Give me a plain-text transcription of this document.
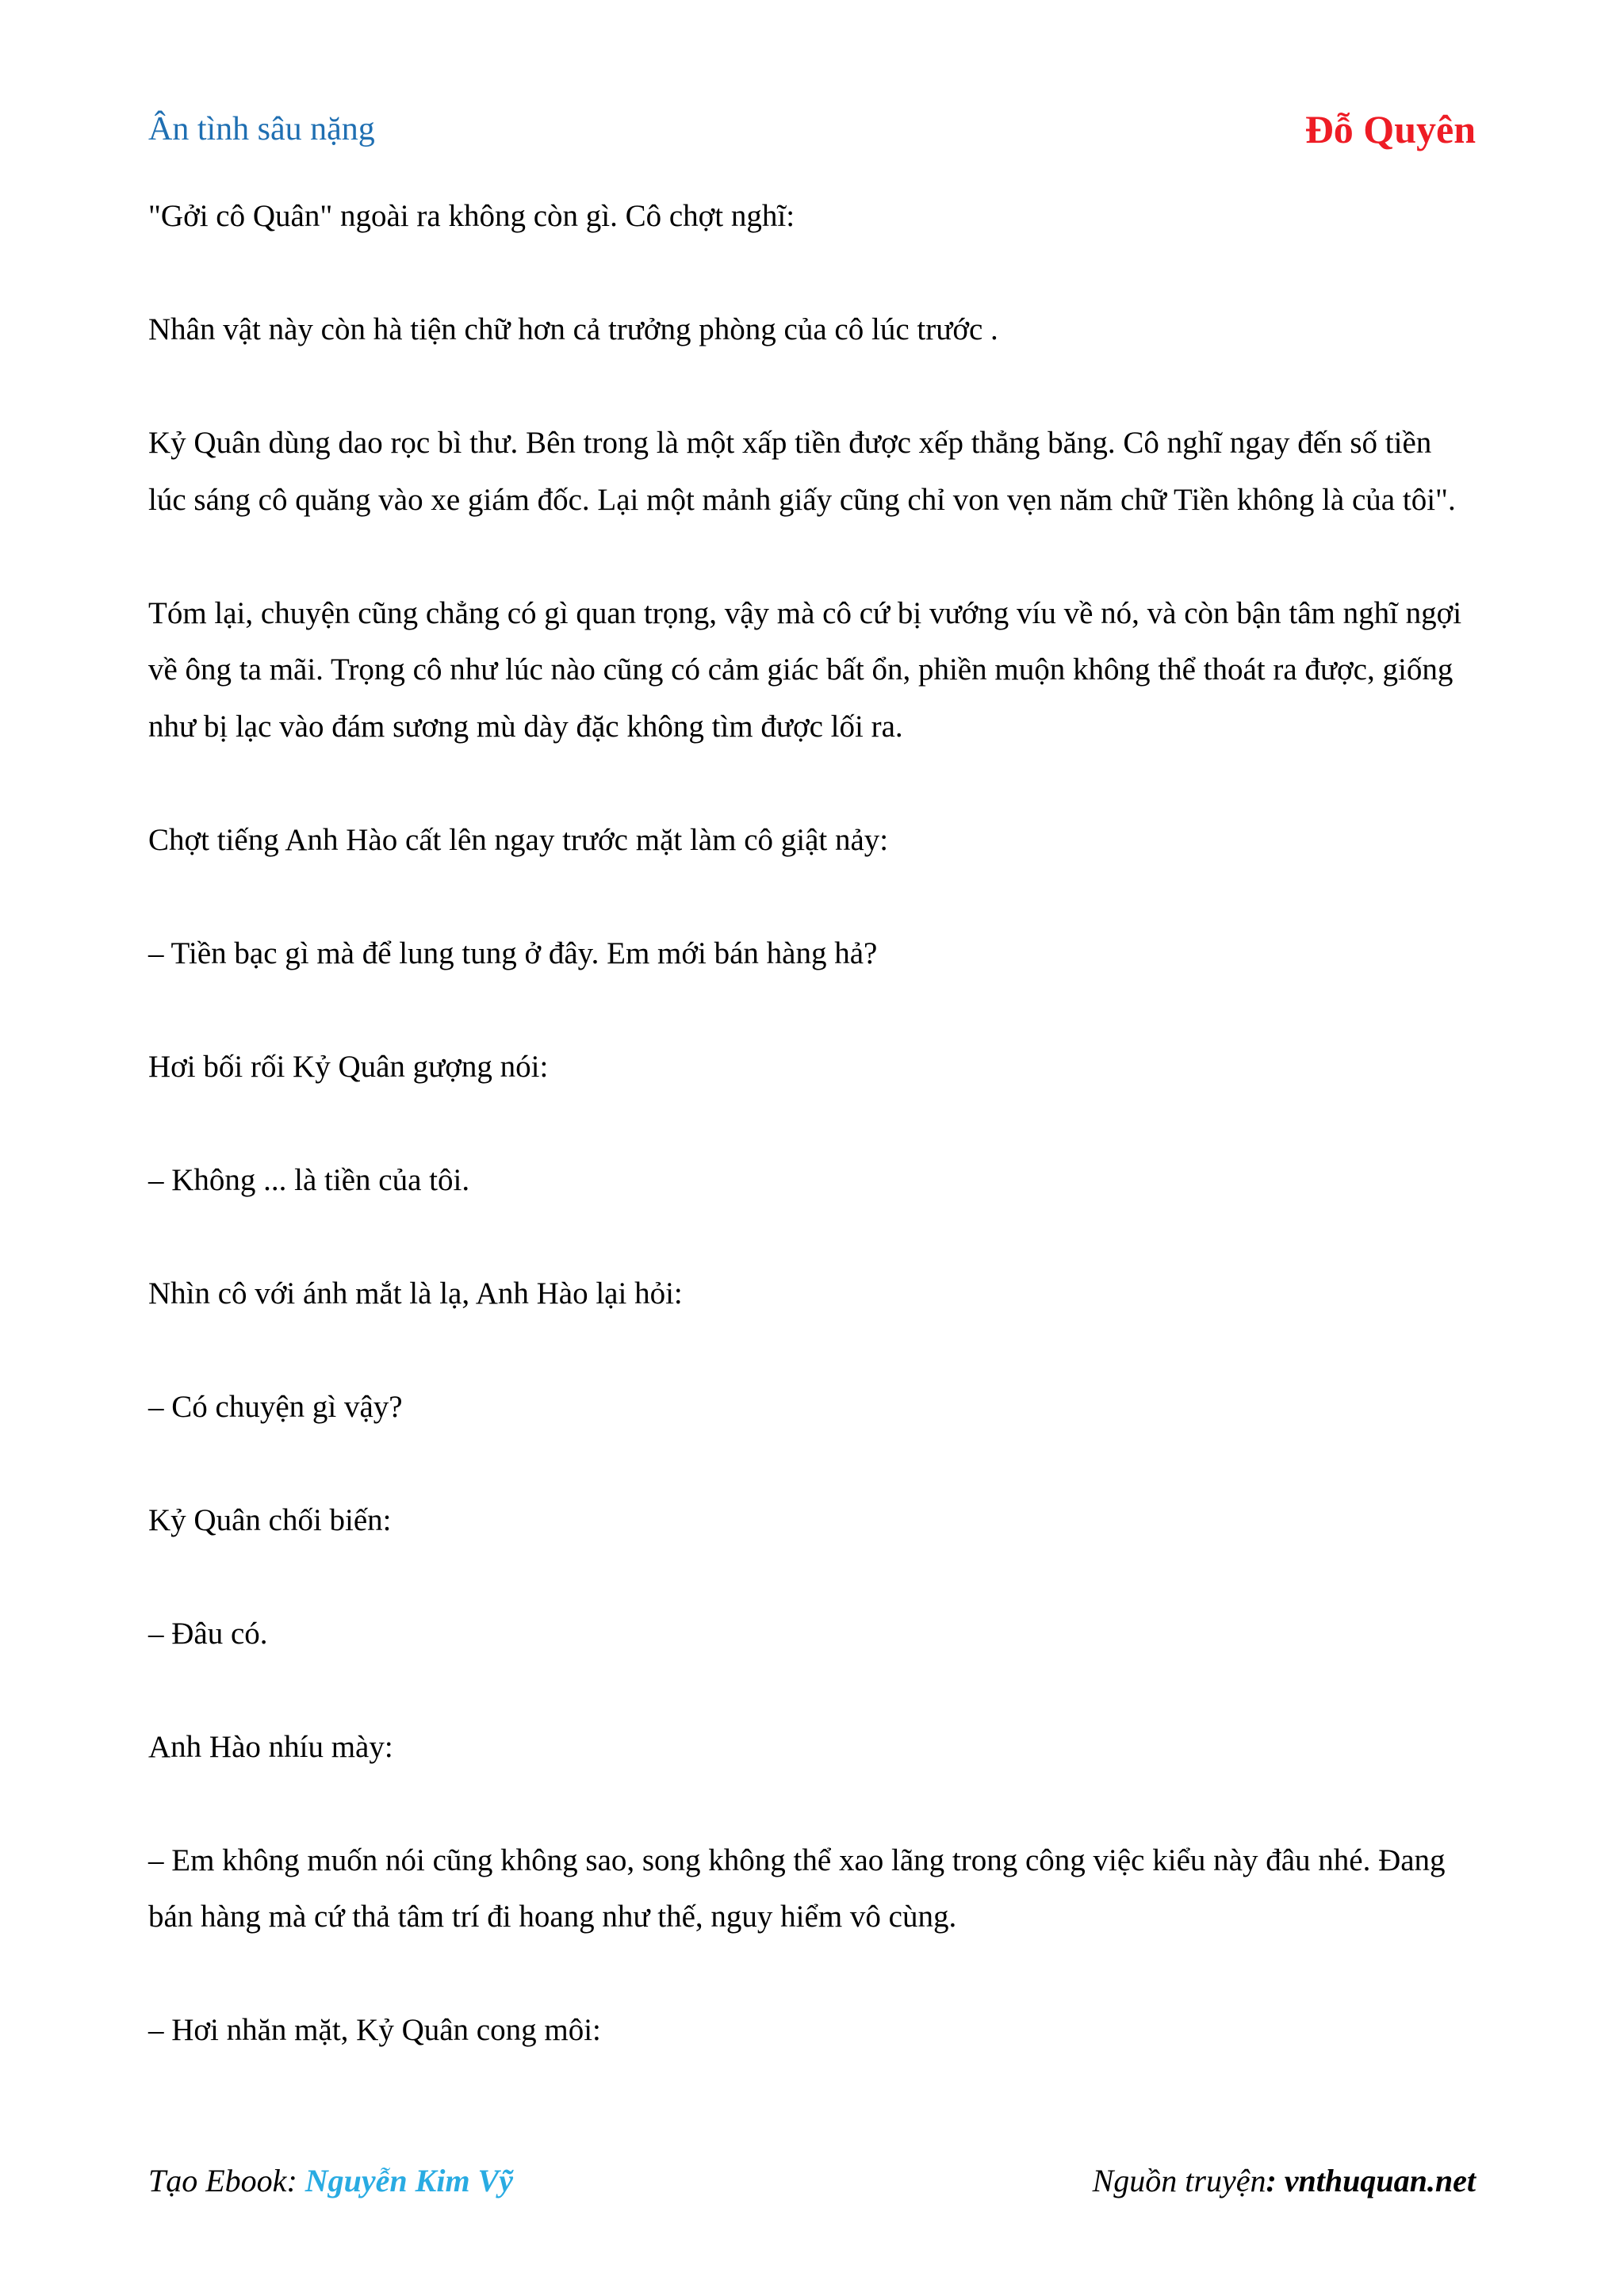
Ân tình sâu nặng	Đỗ Quyên

"Gởi cô Quân" ngoài ra không còn gì. Cô chợt nghĩ:

Nhân vật này còn hà tiện chữ hơn cả trưởng phòng của cô lúc trước .

Kỷ Quân dùng dao rọc bì thư. Bên trong là một xấp tiền được xếp thẳng băng. Cô nghĩ ngay đến số tiền lúc sáng cô quăng vào xe giám đốc. Lại một mảnh giấy cũng chỉ von vẹn năm chữ Tiền không là của tôi".

Tóm lại, chuyện cũng chẳng có gì quan trọng, vậy mà cô cứ bị vướng víu về nó, và còn bận tâm nghĩ ngợi về ông ta mãi. Trọng cô như lúc nào cũng có cảm giác bất ổn, phiền muộn không thể thoát ra được, giống như bị lạc vào đám sương mù dày đặc không tìm được lối ra.

Chợt tiếng Anh Hào cất lên ngay trước mặt làm cô giật nảy:

– Tiền bạc gì mà để lung tung ở đây. Em mới bán hàng hả?

Hơi bối rối Kỷ Quân gượng nói:

– Không ... là tiền của tôi.

Nhìn cô với ánh mắt là lạ, Anh Hào lại hỏi:

– Có chuyện gì vậy?

Kỷ Quân chối biến:

– Đâu có.

Anh Hào nhíu mày:

– Em không muốn nói cũng không sao, song không thể xao lãng trong công việc kiểu này đâu nhé. Đang bán hàng mà cứ thả tâm trí đi hoang như thế, nguy hiểm vô cùng.

– Hơi nhăn mặt, Kỷ Quân cong môi:

Tạo Ebook: Nguyễn Kim Vỹ	Nguồn truyện: vnthuquan.net
